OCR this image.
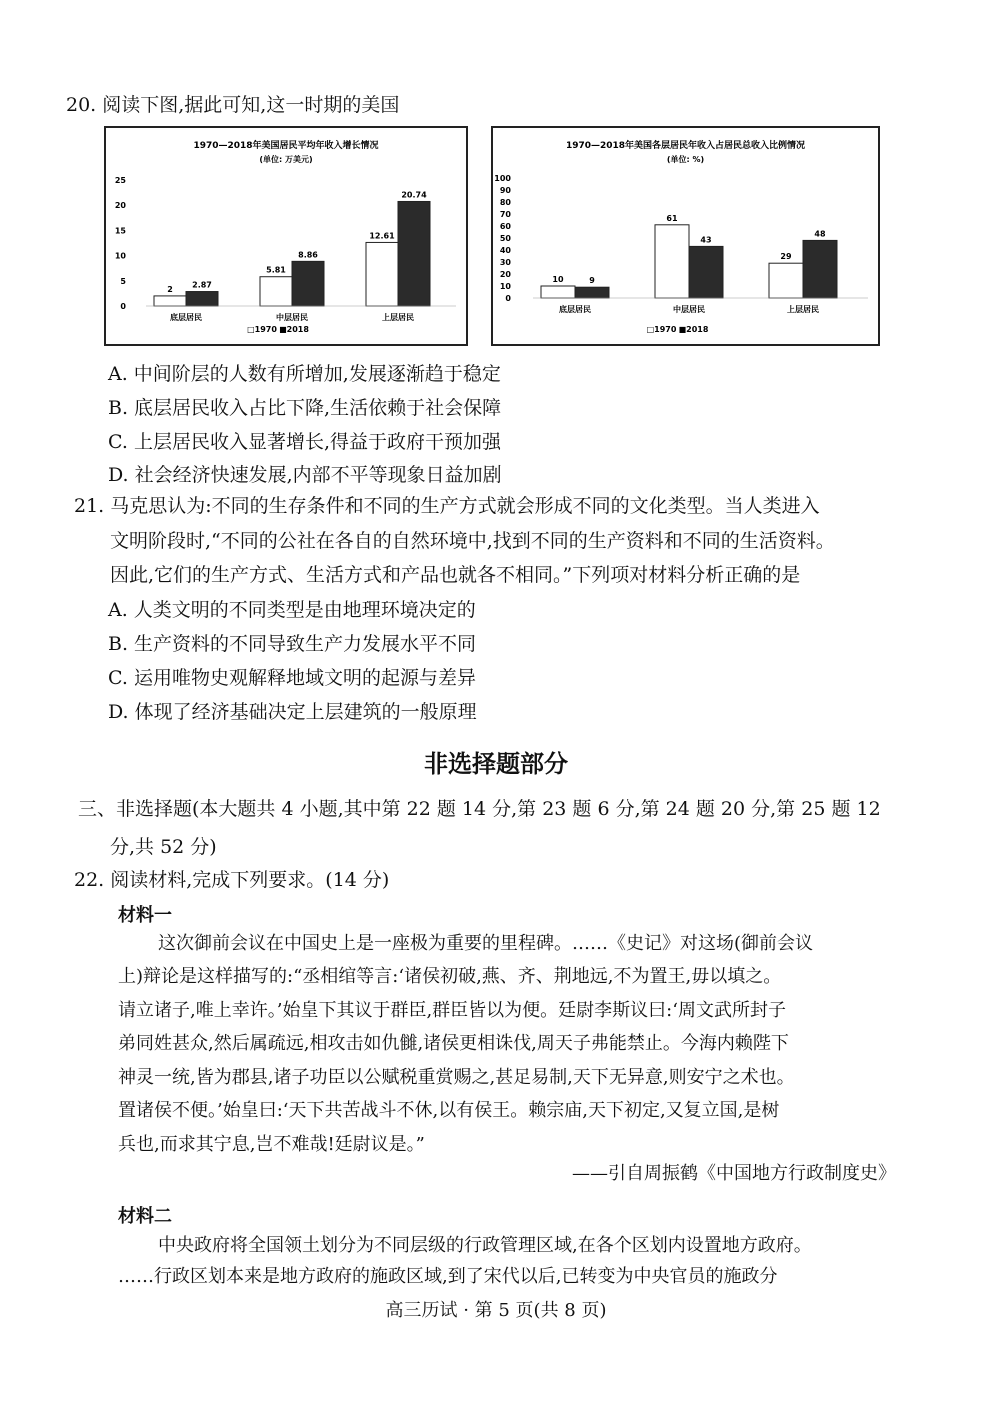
20. 阅读下图,据此可知,这一时期的美国
1970—2018年美国居民平均年收入增长情况
(单位: 万美元)
0
5
10
15
20
25
2 2.87
底层居民
5.81
8.86
中层居民
12.61
20.74
上层居民
□1970 ■2018
1970—2018年美国各层居民年收入占居民总收入比例情况
(单位: %)
0
10
20
30
40
50
60
70
80
90
100
10	9
底层居民
61
43
中层居民
29
48
上层居民
□1970 ■2018
A. 中间阶层的人数有所增加,发展逐渐趋于稳定
B. 底层居民收入占比下降,生活依赖于社会保障
C. 上层居民收入显著增长,得益于政府干预加强
D. 社会经济快速发展,内部不平等现象日益加剧
21. 马克思认为:不同的生存条件和不同的生产方式就会形成不同的文化类型。当人类进入
文明阶段时,“不同的公社在各自的自然环境中,找到不同的生产资料和不同的生活资料。
因此,它们的生产方式、生活方式和产品也就各不相同。”下列项对材料分析正确的是
A. 人类文明的不同类型是由地理环境决定的
B. 生产资料的不同导致生产力发展水平不同
C. 运用唯物史观解释地域文明的起源与差异
D. 体现了经济基础决定上层建筑的一般原理
非选择题部分
三、非选择题(本大题共 4 小题,其中第 22 题 14 分,第 23 题 6 分,第 24 题 20 分,第 25 题 12
分,共 52 分)
22. 阅读材料,完成下列要求。(14 分)
材料一
这次御前会议在中国史上是一座极为重要的里程碑。……《史记》对这场(御前会议
上)辩论是这样描写的:“丞相绾等言:‘诸侯初破,燕、齐、荆地远,不为置王,毋以填之。
请立诸子,唯上幸许。’始皇下其议于群臣,群臣皆以为便。廷尉李斯议曰:‘周文武所封子
弟同姓甚众,然后属疏远,相攻击如仇雠,诸侯更相诛伐,周天子弗能禁止。今海内赖陛下
神灵一统,皆为郡县,诸子功臣以公赋税重赏赐之,甚足易制,天下无异意,则安宁之术也。
置诸侯不便。’始皇曰:‘天下共苦战斗不休,以有侯王。赖宗庙,天下初定,又复立国,是树
兵也,而求其宁息,岂不难哉!廷尉议是。”
——引自周振鹤《中国地方行政制度史》
材料二
中央政府将全国领土划分为不同层级的行政管理区域,在各个区划内设置地方政府。
……行政区划本来是地方政府的施政区域,到了宋代以后,已转变为中央官员的施政分
高三历试 · 第 5 页(共 8 页)
